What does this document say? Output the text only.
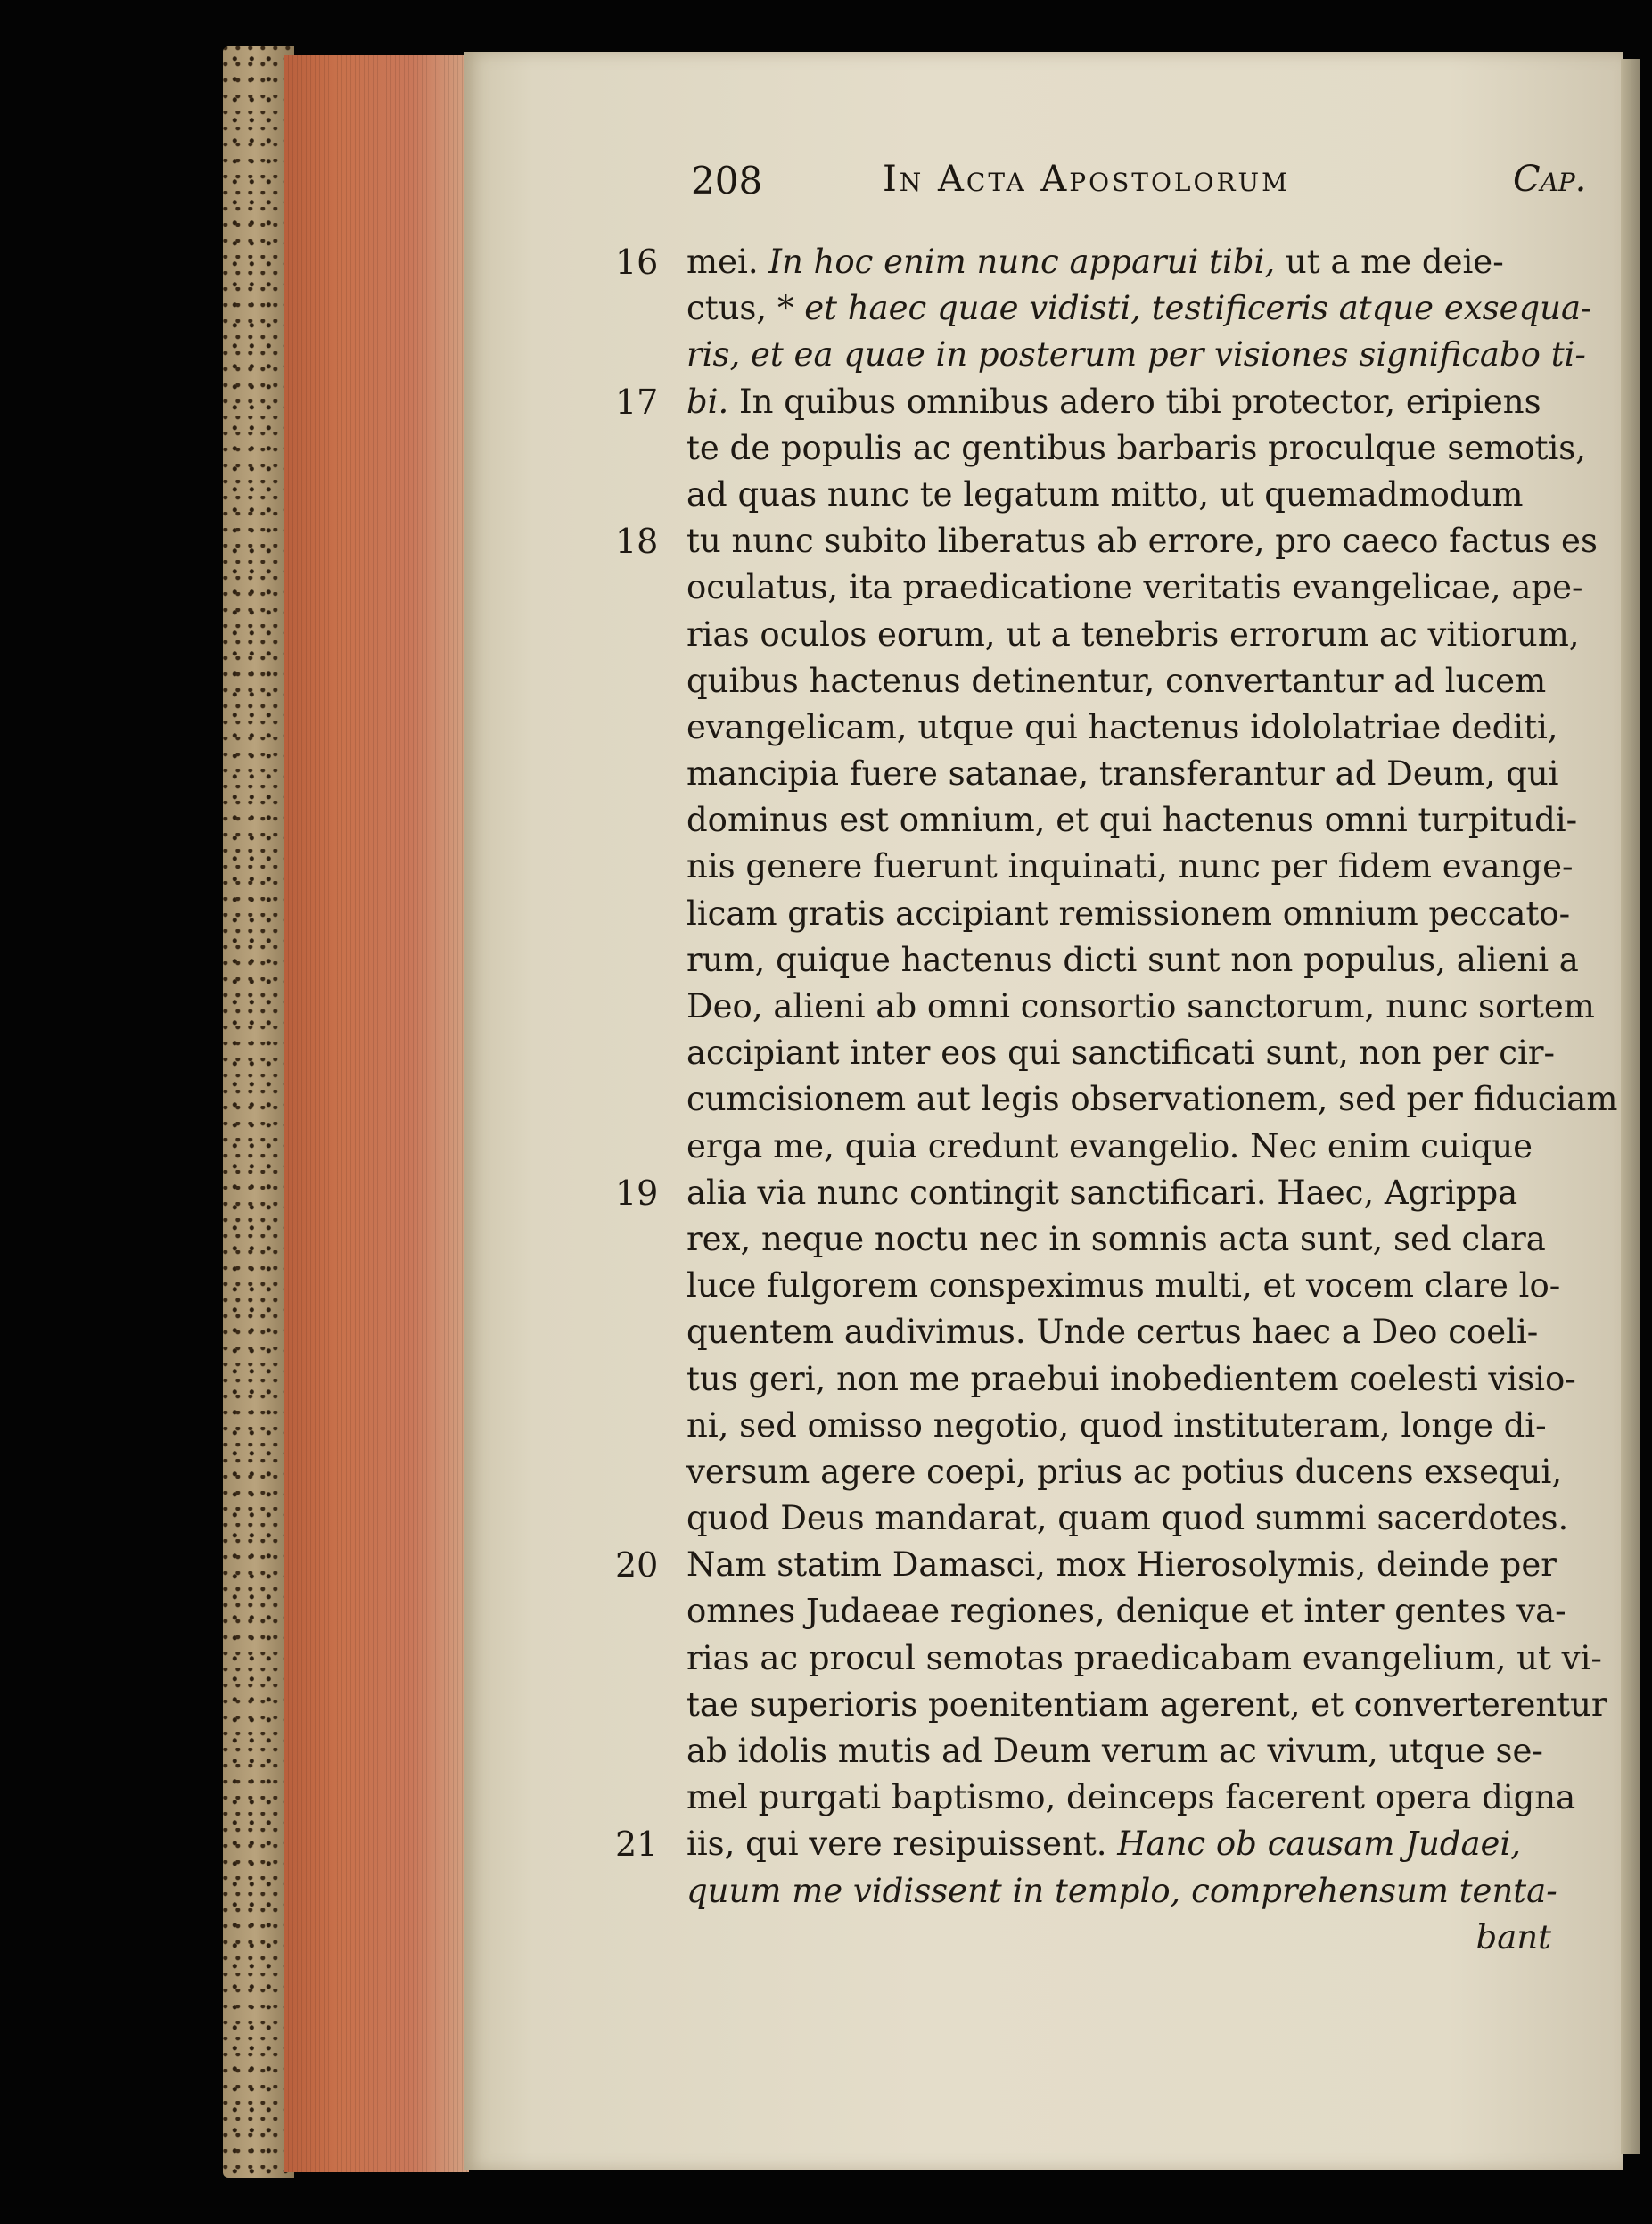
208	In Acta Apostolorum	Cap.
16 mei. In hoc enim nunc apparui tibi, ut a me deie-
ctus, * et haec quae vidisti, testificeris atque exsequa-
ris, et ea quae in posterum per visiones significabo ti-
17 bi. In quibus omnibus adero tibi protector, eripiens
te de populis ac gentibus barbaris proculque semotis,
ad quas nunc te legatum mitto, ut quemadmodum
18 tu nunc subito liberatus ab errore, pro caeco factus es
oculatus, ita praedicatione veritatis evangelicae, ape-
rias oculos eorum, ut a tenebris errorum ac vitiorum,
quibus hactenus detinentur, convertantur ad lucem
evangelicam, utque qui hactenus idololatriae dediti,
mancipia fuere satanae, transferantur ad Deum, qui
dominus est omnium, et qui hactenus omni turpitudi-
nis genere fuerunt inquinati, nunc per fidem evange-
licam gratis accipiant remissionem omnium peccato-
rum, quique hactenus dicti sunt non populus, alieni a
Deo, alieni ab omni consortio sanctorum, nunc sortem
accipiant inter eos qui sanctificati sunt, non per cir-
cumcisionem aut legis observationem, sed per fiduciam
erga me, quia credunt evangelio. Nec enim cuique
19 alia via nunc contingit sanctificari. Haec, Agrippa
rex, neque noctu nec in somnis acta sunt, sed clara
luce fulgorem conspeximus multi, et vocem clare lo-
quentem audivimus. Unde certus haec a Deo coeli-
tus geri, non me praebui inobedientem coelesti visio-
ni, sed omisso negotio, quod instituteram, longe di-
versum agere coepi, prius ac potius ducens exsequi,
quod Deus mandarat, quam quod summi sacerdotes.
20 Nam statim Damasci, mox Hierosolymis, deinde per
omnes Judaeae regiones, denique et inter gentes va-
rias ac procul semotas praedicabam evangelium, ut vi-
tae superioris poenitentiam agerent, et converterentur
ab idolis mutis ad Deum verum ac vivum, utque se-
mel purgati baptismo, deinceps facerent opera digna
21 iis, qui vere resipuissent. Hanc ob causam Judaei,
quum me vidissent in templo, comprehensum tenta-
bant
